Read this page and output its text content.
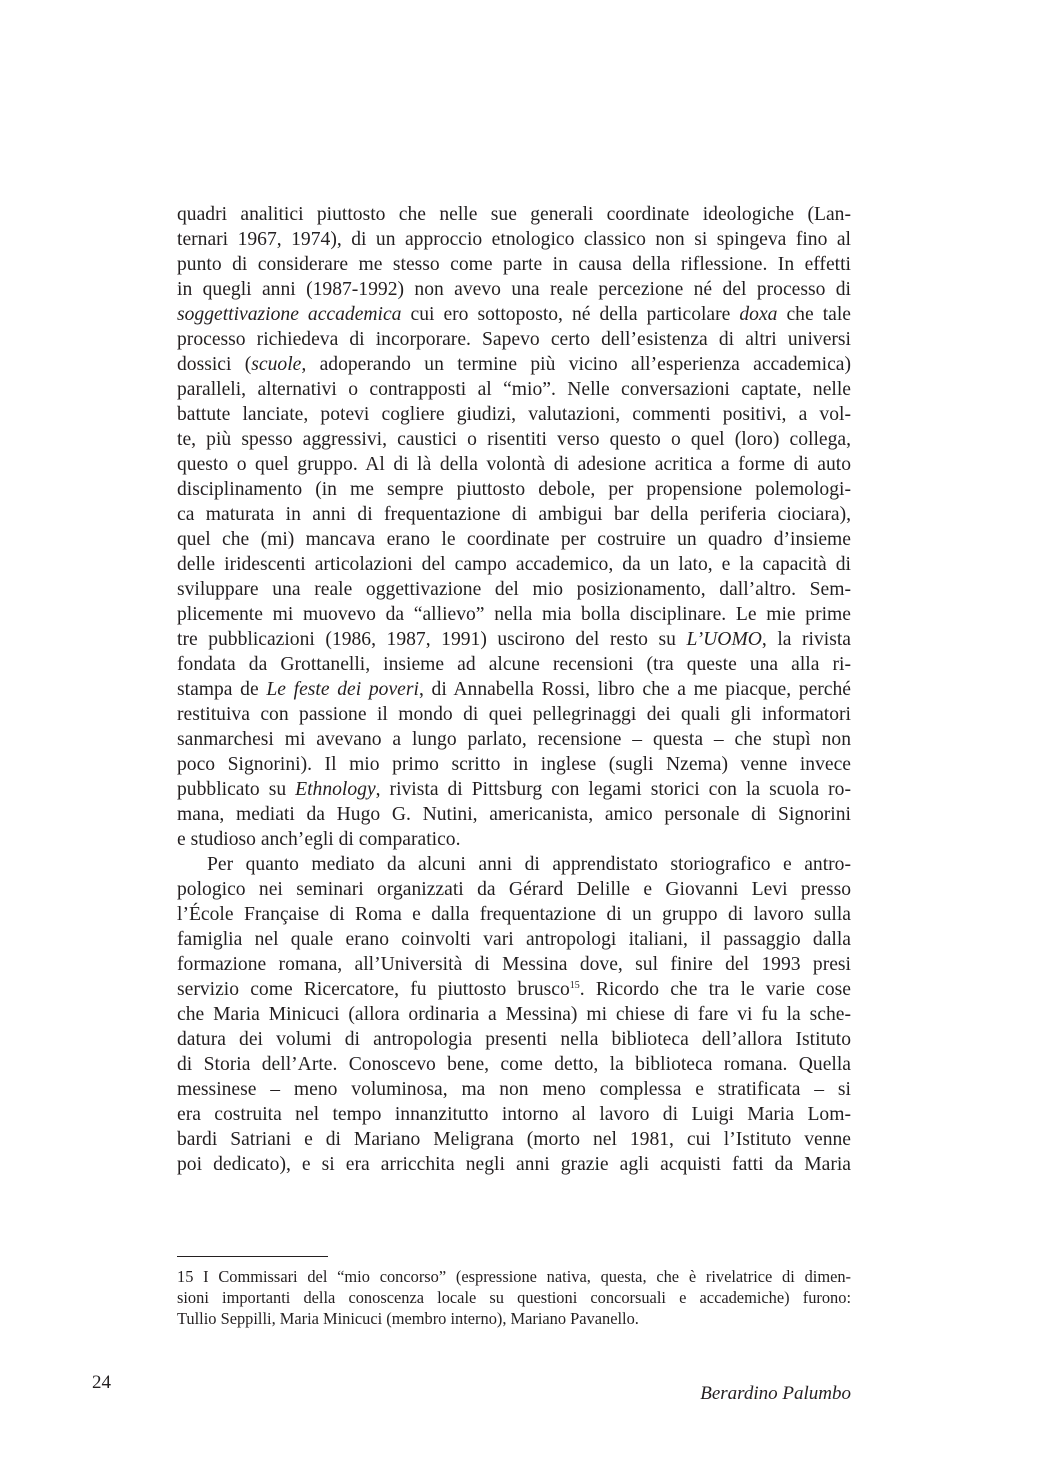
quadri analitici piuttosto che nelle sue generali coordinate ideologiche (Lan-
ternari 1967, 1974), di un approccio etnologico classico non si spingeva fino al
punto di considerare me stesso come parte in causa della riflessione. In effetti
in quegli anni (1987-1992) non avevo una reale percezione né del processo di
soggettivazione accademica cui ero sottoposto, né della particolare doxa che tale
processo richiedeva di incorporare. Sapevo certo dell’esistenza di altri universi
dossici (scuole, adoperando un termine più vicino all’esperienza accademica)
paralleli, alternativi o contrapposti al “mio”. Nelle conversazioni captate, nelle
battute lanciate, potevi cogliere giudizi, valutazioni, commenti positivi, a vol-
te, più spesso aggressivi, caustici o risentiti verso questo o quel (loro) collega,
questo o quel gruppo. Al di là della volontà di adesione acritica a forme di auto
disciplinamento (in me sempre piuttosto debole, per propensione polemologi-
ca maturata in anni di frequentazione di ambigui bar della periferia ciociara),
quel che (mi) mancava erano le coordinate per costruire un quadro d’insieme
delle iridescenti articolazioni del campo accademico, da un lato, e la capacità di
sviluppare una reale oggettivazione del mio posizionamento, dall’altro. Sem-
plicemente mi muovevo da “allievo” nella mia bolla disciplinare. Le mie prime
tre pubblicazioni (1986, 1987, 1991) uscirono del resto su L’UOMO, la rivista
fondata da Grottanelli, insieme ad alcune recensioni (tra queste una alla ri-
stampa de Le feste dei poveri, di Annabella Rossi, libro che a me piacque, perché
restituiva con passione il mondo di quei pellegrinaggi dei quali gli informatori
sanmarchesi mi avevano a lungo parlato, recensione – questa – che stupì non
poco Signorini). Il mio primo scritto in inglese (sugli Nzema) venne invece
pubblicato su Ethnology, rivista di Pittsburg con legami storici con la scuola ro-
mana, mediati da Hugo G. Nutini, americanista, amico personale di Signorini
e studioso anch’egli di comparatico.
Per quanto mediato da alcuni anni di apprendistato storiografico e antro-
pologico nei seminari organizzati da Gérard Delille e Giovanni Levi presso
l’École Française di Roma e dalla frequentazione di un gruppo di lavoro sulla
famiglia nel quale erano coinvolti vari antropologi italiani, il passaggio dalla
formazione romana, all’Università di Messina dove, sul finire del 1993 presi
servizio come Ricercatore, fu piuttosto brusco$^{15}$. Ricordo che tra le varie cose
che Maria Minicuci (allora ordinaria a Messina) mi chiese di fare vi fu la sche-
datura dei volumi di antropologia presenti nella biblioteca dell’allora Istituto
di Storia dell’Arte. Conoscevo bene, come detto, la biblioteca romana. Quella
messinese – meno voluminosa, ma non meno complessa e stratificata – si
era costruita nel tempo innanzitutto intorno al lavoro di Luigi Maria Lom-
bardi Satriani e di Mariano Meligrana (morto nel 1981, cui l’Istituto venne
poi dedicato), e si era arricchita negli anni grazie agli acquisti fatti da Maria
15 I Commissari del “mio concorso” (espressione nativa, questa, che è rivelatrice di dimen-
sioni importanti della conoscenza locale su questioni concorsuali e accademiche) furono:
Tullio Seppilli, Maria Minicuci (membro interno), Mariano Pavanello.
24
Berardino Palumbo
